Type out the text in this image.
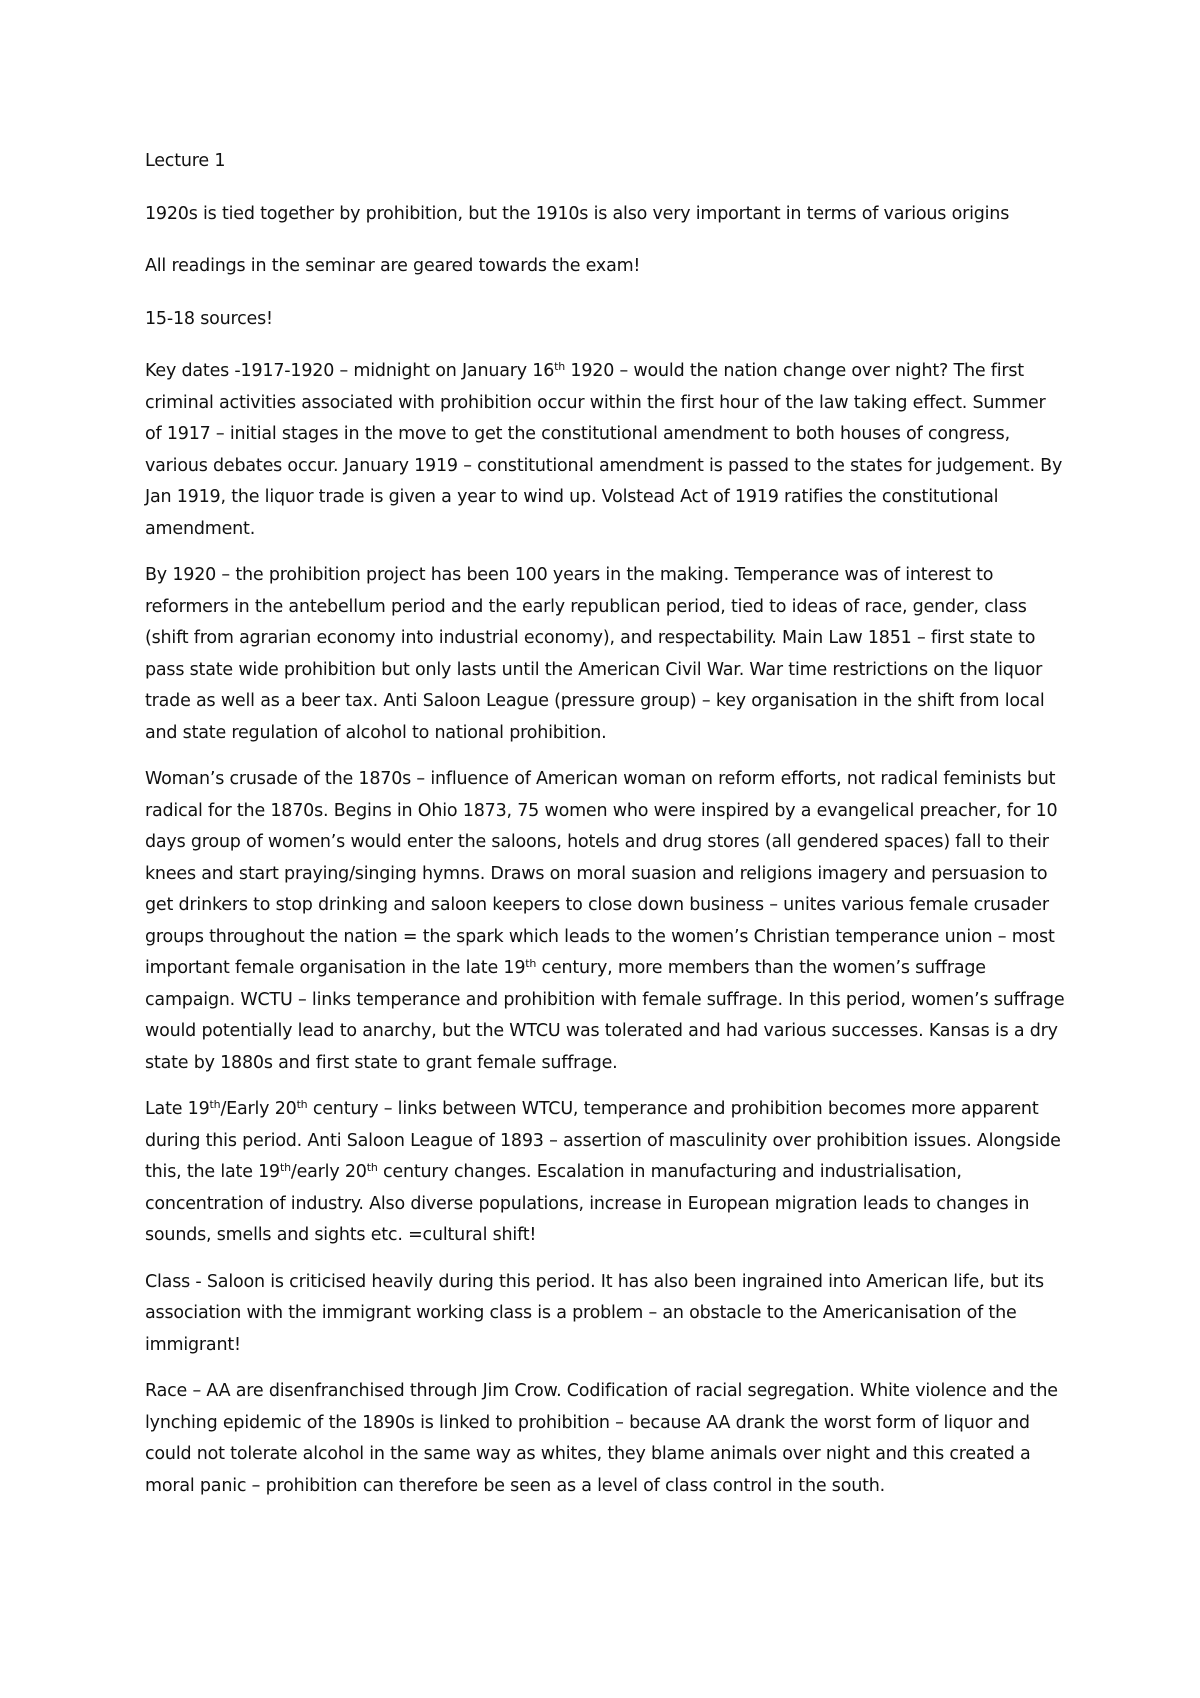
Lecture 1

1920s is tied together by prohibition, but the 1910s is also very important in terms of various origins

All readings in the seminar are geared towards the exam!

15-18 sources!

Key dates -1917-1920 – midnight on January 16th 1920 – would the nation change over night? The first criminal activities associated with prohibition occur within the first hour of the law taking effect. Summer of 1917 – initial stages in the move to get the constitutional amendment to both houses of congress, various debates occur. January 1919 – constitutional amendment is passed to the states for judgement. By Jan 1919, the liquor trade is given a year to wind up. Volstead Act of 1919 ratifies the constitutional amendment.

By 1920 – the prohibition project has been 100 years in the making. Temperance was of interest to reformers in the antebellum period and the early republican period, tied to ideas of race, gender, class (shift from agrarian economy into industrial economy), and respectability. Main Law 1851 – first state to pass state wide prohibition but only lasts until the American Civil War. War time restrictions on the liquor trade as well as a beer tax. Anti Saloon League (pressure group) – key organisation in the shift from local and state regulation of alcohol to national prohibition.

Woman’s crusade of the 1870s – influence of American woman on reform efforts, not radical feminists but radical for the 1870s. Begins in Ohio 1873, 75 women who were inspired by a evangelical preacher, for 10 days group of women’s would enter the saloons, hotels and drug stores (all gendered spaces) fall to their knees and start praying/singing hymns. Draws on moral suasion and religions imagery and persuasion to get drinkers to stop drinking and saloon keepers to close down business – unites various female crusader groups throughout the nation = the spark which leads to the women’s Christian temperance union – most important female organisation in the late 19th century, more members than the women’s suffrage campaign. WCTU – links temperance and prohibition with female suffrage. In this period, women’s suffrage would potentially lead to anarchy, but the WTCU was tolerated and had various successes. Kansas is a dry state by 1880s and first state to grant female suffrage.

Late 19th/Early 20th century – links between WTCU, temperance and prohibition becomes more apparent during this period. Anti Saloon League of 1893 – assertion of masculinity over prohibition issues. Alongside this, the late 19th/early 20th century changes. Escalation in manufacturing and industrialisation, concentration of industry. Also diverse populations, increase in European migration leads to changes in sounds, smells and sights etc. =cultural shift!

Class - Saloon is criticised heavily during this period. It has also been ingrained into American life, but its association with the immigrant working class is a problem – an obstacle to the Americanisation of the immigrant!

Race – AA are disenfranchised through Jim Crow. Codification of racial segregation. White violence and the lynching epidemic of the 1890s is linked to prohibition – because AA drank the worst form of liquor and could not tolerate alcohol in the same way as whites, they blame animals over night and this created a moral panic – prohibition can therefore be seen as a level of class control in the south.
